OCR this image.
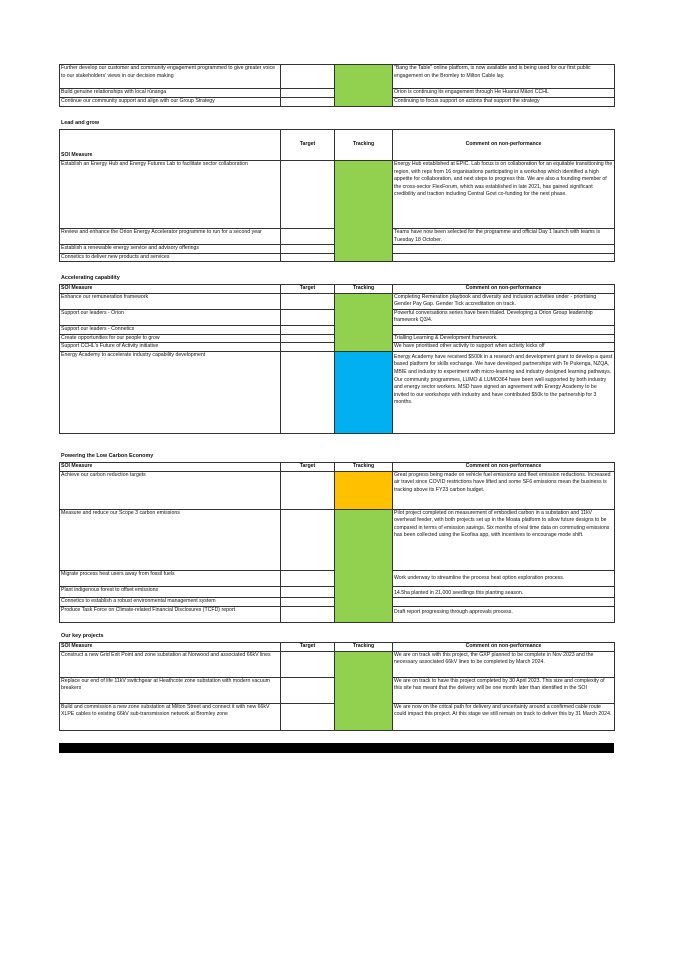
Further develop our customer and community engagement programmed to give greater voice to our stakeholders' views in our decision making			"Bang the Table" online platform, is now available and is being used for our first public engagement on the Bromley to Milton Cable lay.
Build genuine relationships with local rūnanga			Orion is continuing its engagement through He Huanui Māori CCHL
Continue our community support and align with our Group Strategy			Continuing to focus support on actions that support the strategy
Lead and grow
SOI Measure	Target	Tracking	Comment on non-performance
Establish an Energy Hub and Energy Futures Lab to facilitate sector collaboration			Energy Hub established at EPIC. Lab focus is on collaboration for an equitable transitioning the region, with reps from 16 organisations participating in a workshop which identified a high appetite for collaboration, and next steps to progress this. We are also a founding member of the cross-sector FlexForum, which was established in late 2021, has gained significant credibility and traction including Central Govt co-funding for the next phase.
Review and enhance the Orion Energy Accelerator programme to run for a second year			Teams have now been selected for the programme and official Day 1 launch with teams is Tuesday 18 October.
Establish a renewable energy service and advisory offerings			
Connetics to deliver new products and services			
Accelerating capability
SOI Measure	Target	Tracking	Comment on non-performance
Enhance our remuneration framework			Completing Remeration playbook and diversity and inclusion activities under - priortising Gender Pay Gap. Gender Tick accreditation on track.
Support our leaders - Orion			Powerful conversations series have been trialed. Developing a Orion Group leadership framework Q3/4.
Support our leaders - Connetics			
Create opportunities for our people to grow			Trialling Learning & Development framework.
Support CCHL's Future of Activity initiative			We have prioritised other activity to support when activity kicks off
Energy Academy to accelerate industry capability development			Energy Academy have received $500k in a research and development grant to develop a quest based platform for skills exchange. We have developed partnerships with Te Pukenga, NZQA, MBIE and industry to experiment with micro-learning and industry designed learning pathways. Our community programmes, LUMO & LUMO364 have been well supported by both industry and energy sector workers. MSD have signed an agreement with Energy Academy to be invited to our workshops with industry and have contributed $50k to the partnership for 3 months.
Powering the Low Carbon Economy
SOI Measure	Target	Tracking	Comment on non-performance
Achieve our carbon reduction targets			Great progress being made on vehicle fuel emissions and fleet emission reductions. Increased air travel since COVID restrictions have lifted and some SF6 emissions mean the business is tracking above its FY23 carbon budget.
Measure and reduce our Scope 3 carbon emissions			Pilot project completed on measurement of embodied carbon in a substation and 11kV overhead feeder, with both projects set up in the Moata platform to allow future designs to be compared in terms of emission savings. Six months of real time data on commuting emissions has been collected using the Ecofixa app, with incentives to encourage mode shift.
Migrate process heat users away from fossil fuels			Work underway to streamline the process heat option exploration process.

Plant indigenous forest to offset emissions			14.5ha planted in 21,000 seedlings this planting season.

Connetics to establish a robust environmental management system			
Produce Task Force on Climate-related Financial Disclosures (TCFD) report			Draft report progressing through approvals process.
Our key projects
SOI Measure	Target	Tracking	Comment on non-performance
Construct a new Grid Exit Point and zone substation at Norwood and associated 66kV lines			We are on track with this project, the GXP planned to be complete in Nov 2023 and the necessary associated 66kV lines to be completed by March 2024.
Replace our end of life 11kV switchgear at Heathcote zone substation with modern vacuum breakers			We are on track to have this project completed by 30 April 2023. This size and complexity of this site has meant that the delivery will be one month later than identified in the SOI
Build and commission a new zone substation at Milton Street and connect it with new 66kV XLPE cables to existing 66kV sub-transmission network at Bromley zone			We are now on the critcal path for delivery and uncertainty around a confirmed cable route could impact this project. At this stage we still remain on track to deliver this by 31 March 2024.
